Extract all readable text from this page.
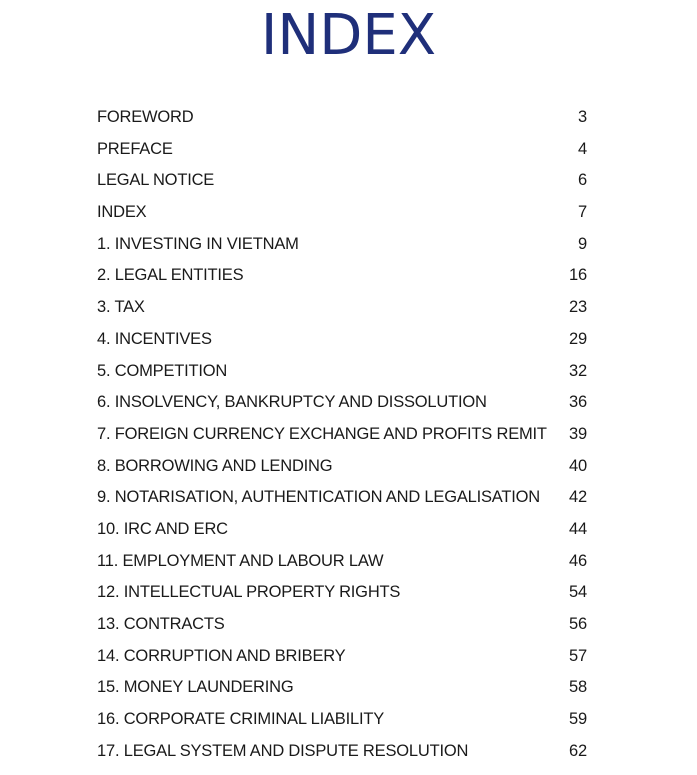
INDEX
FOREWORD	3
PREFACE	4
LEGAL NOTICE	6
INDEX	7
1. INVESTING IN VIETNAM	9
2. LEGAL ENTITIES	16
3. TAX	23
4. INCENTIVES	29
5. COMPETITION	32
6. INSOLVENCY, BANKRUPTCY AND DISSOLUTION	36
7. FOREIGN CURRENCY EXCHANGE AND PROFITS REMIT	39
8. BORROWING AND LENDING	40
9. NOTARISATION, AUTHENTICATION AND LEGALISATION	42
10. IRC AND ERC	44
11. EMPLOYMENT AND LABOUR LAW	46
12. INTELLECTUAL PROPERTY RIGHTS	54
13. CONTRACTS	56
14. CORRUPTION AND BRIBERY	57
15. MONEY LAUNDERING	58
16. CORPORATE CRIMINAL LIABILITY	59
17. LEGAL SYSTEM AND DISPUTE RESOLUTION	62
